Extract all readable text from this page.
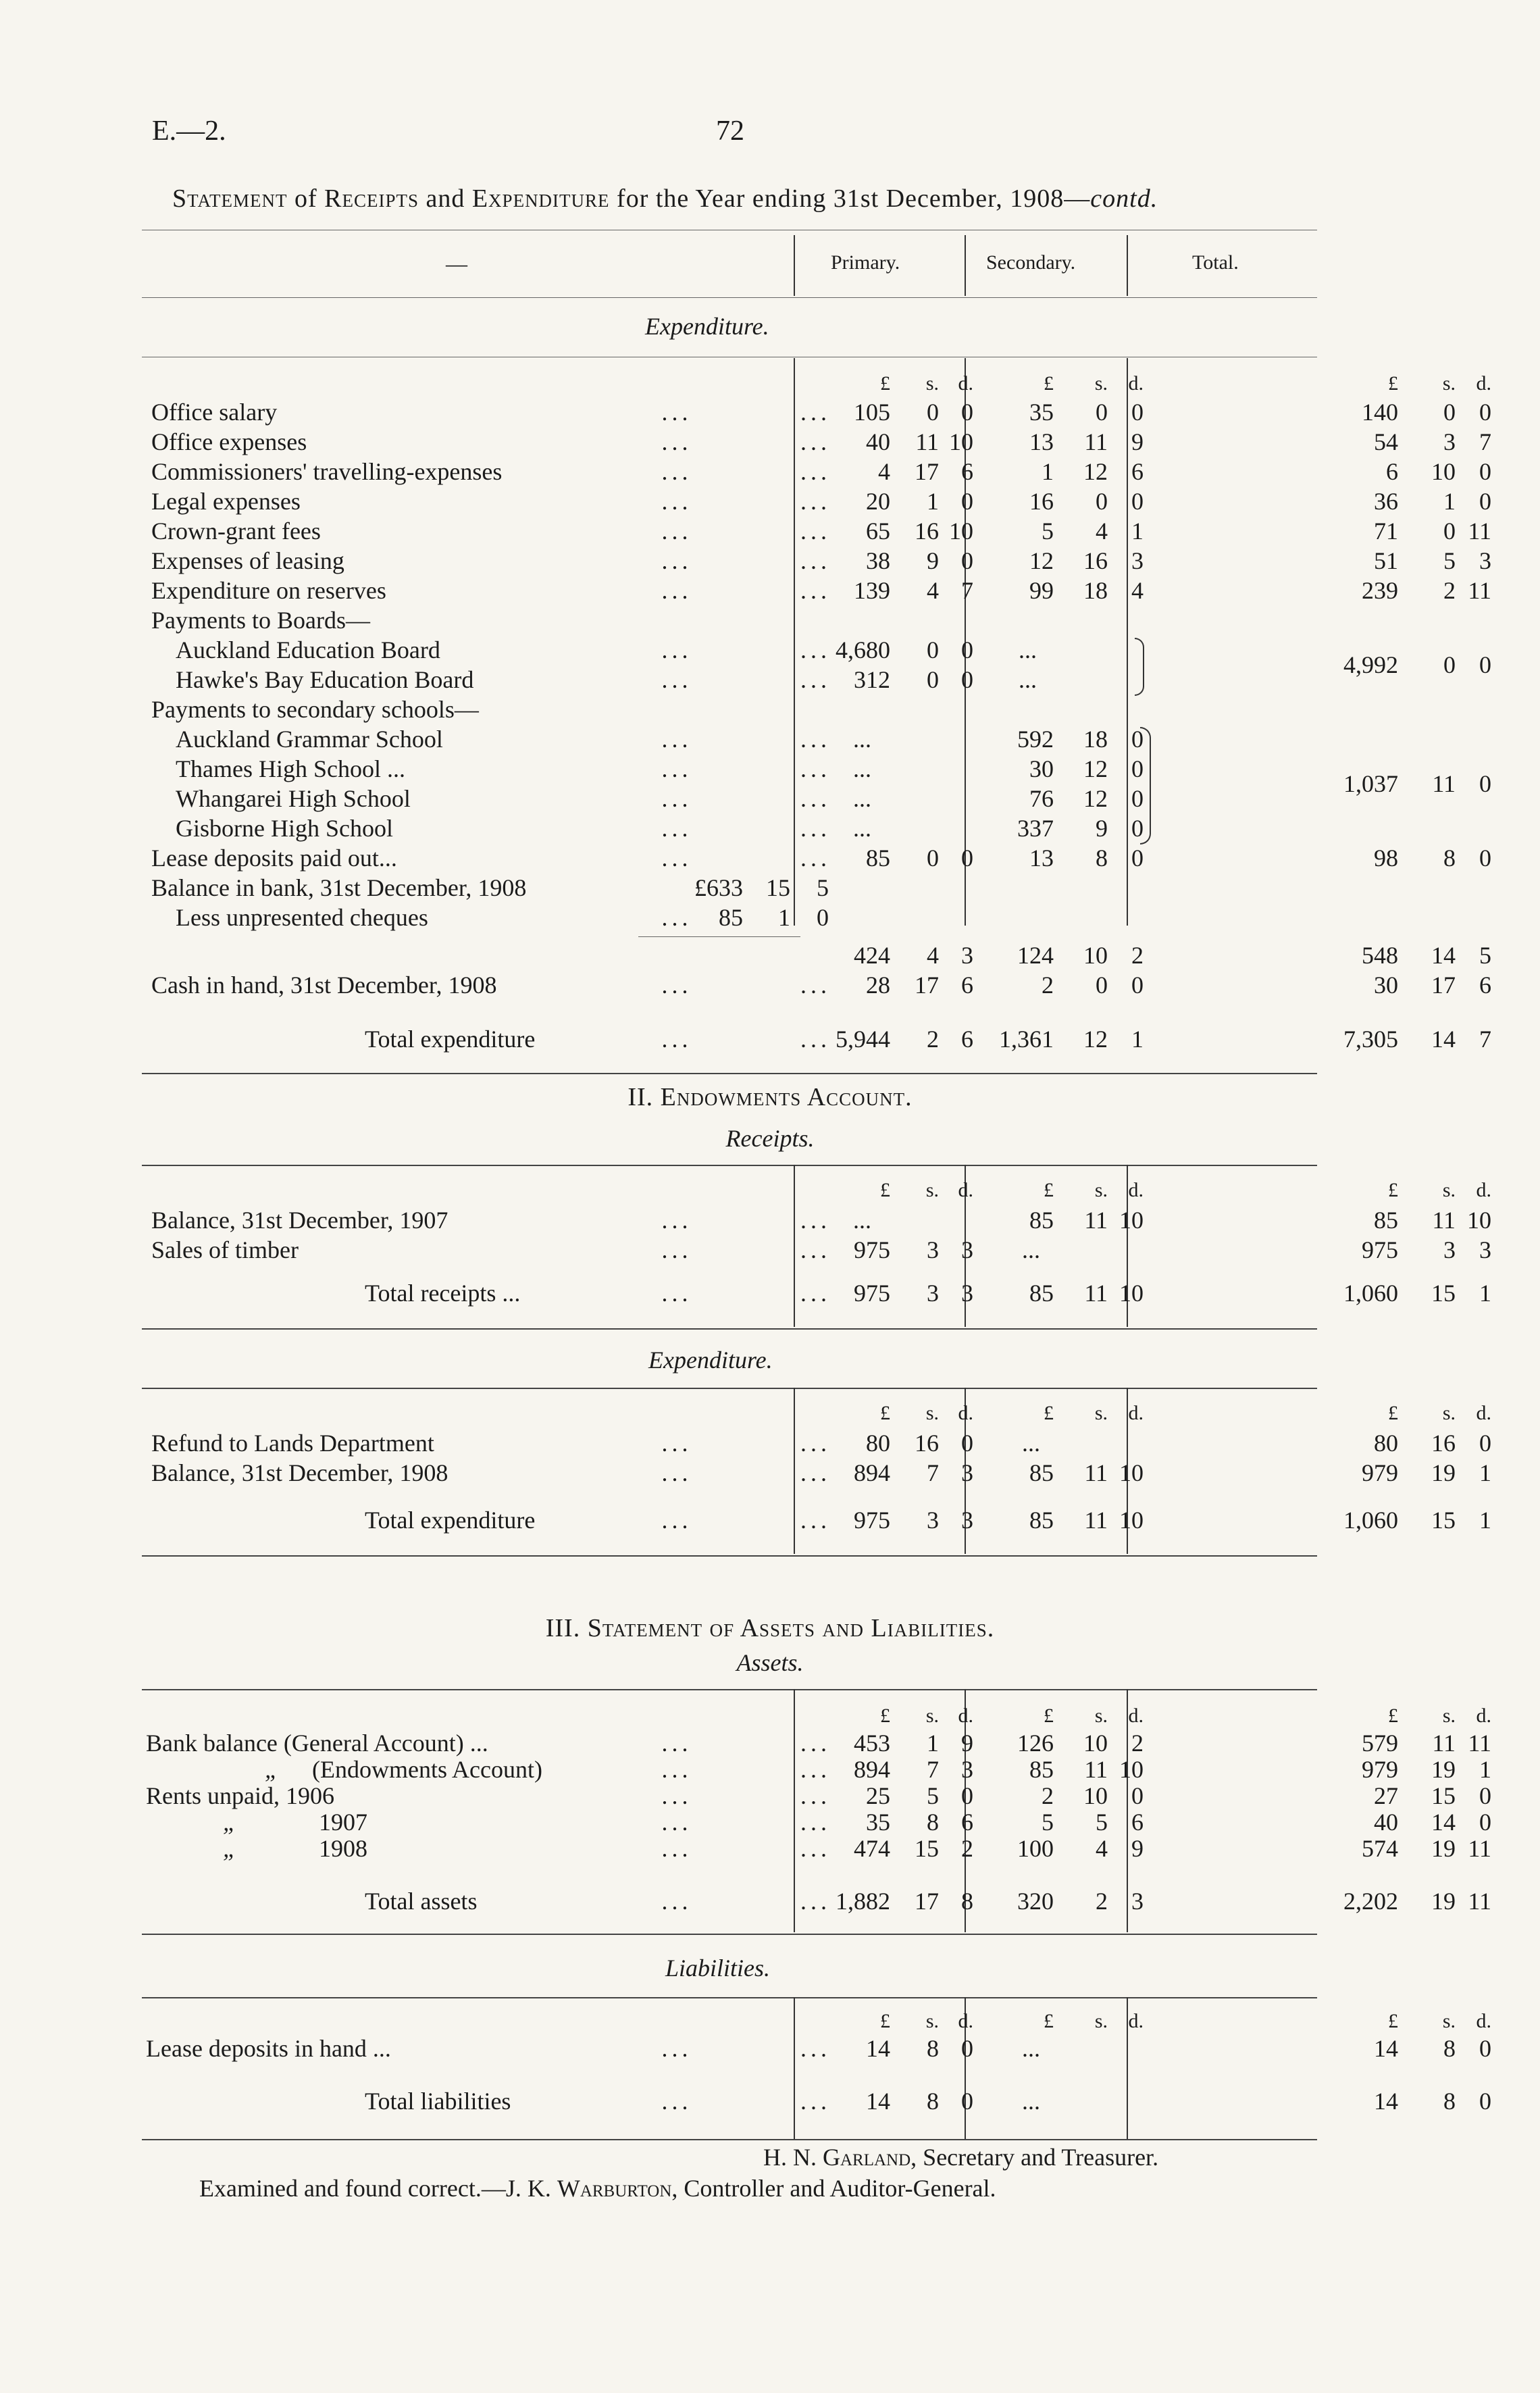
E.—2.	72
Statement of Receipts and Expenditure for the Year ending 31st December, 1908—contd.
—	Primary.	Secondary.	Total.
Expenditure.
£	s. d.	£	s.	d.	£	s.	d.
Office salary	...	... 105	0 0	35	0 0	140	0 0
Office expenses	...	...	40	11 10	13	11 9	54	3 7
Commissioners' travelling-expenses	...	...	4	17 6	1	12 6	6	10 0
Legal expenses	...	...	20	1 0	16	0 0	36	1 0
Crown-grant fees	...	...	65	16 10	5	4 1	71	0 11
Expenses of leasing	...	...	38	9 0	12	16 3	51	5 3
Expenditure on reserves	...	... 139	4 7	99	18 4	239	2 11
Payments to Boards—
Auckland Education Board	...	... 4,680	0 0	...
Hawke's Bay Education Board	...	... 312	0 0	...
4,992	0 0
Payments to secondary schools—
Auckland Grammar School	...	... ...	592	18 0
Thames High School ...	...	... ...	30	12 0
Whangarei High School	...	... ...	76	12 0
Gisborne High School	...	... ...	337	9 0
1,037	11 0
Lease deposits paid out...	...	...	85	0 0	13	8 0	98	8 0
Balance in bank, 31st December, 1908	£633 15	5
Less unpresented cheques	...	85	1	0
424	4 3	124	10 2	548	14 5
Cash in hand, 31st December, 1908	...	...	28	17 6	2	0 0	30	17 6
Total expenditure	...	... 5,944	2 6	1,361	12 1	7,305	14 7
II. Endowments Account.
Receipts.
£	s. d.	£	s.	d.	£	s.	d.
Balance, 31st December, 1907	...	... ...	85	11 10	85	11 10
Sales of timber	...	... 975	3 3	...	975	3 3
Total receipts ...	...	... 975	3 3	85	11 10	1,060	15 1
Expenditure.
£	s. d.	£	s.	d.	£	s.	d.
Refund to Lands Department	...	...	80	16 0	...	80	16 0
Balance, 31st December, 1908	...	... 894	7 3	85	11 10	979	19 1
Total expenditure	...	... 975	3 3	85	11 10	1,060	15 1
III. Statement of Assets and Liabilities.
Assets.
£	s. d.	£	s.	d.	£	s.	d.
Bank balance (General Account) ...	...	... 453	1 9	126	10 2	579	11 11
„ (Endowments Account)	...	... 894	7 3	85	11 10	979	19 1
Rents unpaid, 1906	...	...	25	5 0	2	10 0	27	15 0
„	1907	...	...	35	8 6	5	5 6	40	14 0
„	1908	...	... 474	15 2	100	4 9	574	19 11
Total assets	...	... 1,882	17 8	320	2 3	2,202	19 11
Liabilities.
£	s. d.	£	s.	d.	£	s.	d.
Lease deposits in hand ...	...	...	14	8 0	...	14	8 0
Total liabilities	...	...	14	8 0	...	14	8 0
H. N. Garland, Secretary and Treasurer.
Examined and found correct.—J. K. Warburton, Controller and Auditor-General.
